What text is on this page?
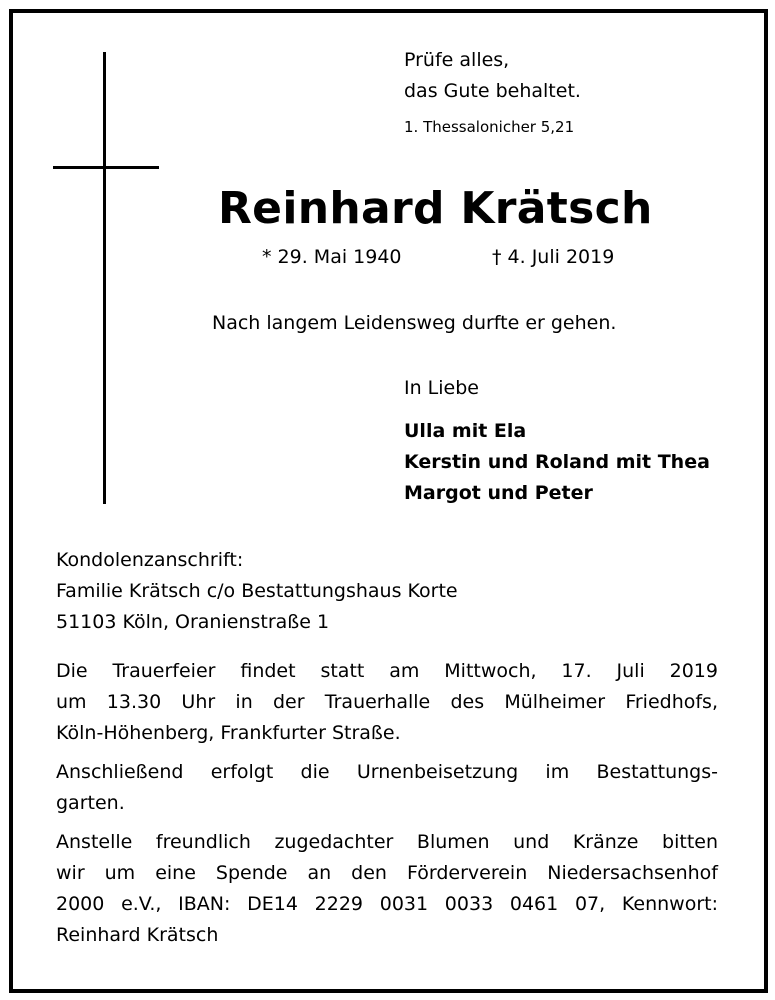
Prüfe alles,
das Gute behaltet.
1. Thessalonicher 5,21
Reinhard Krätsch
* 29. Mai 1940	† 4. Juli 2019
Nach langem Leidensweg durfte er gehen.
In Liebe
Ulla mit Ela
Kerstin und Roland mit Thea
Margot und Peter
Kondolenzanschrift:
Familie Krätsch c/o Bestattungshaus Korte
51103 Köln, Oranienstraße 1
Die Trauerfeier findet statt am Mittwoch, 17. Juli 2019
um 13.30 Uhr in der Trauerhalle des Mülheimer Friedhofs,
Köln-Höhenberg, Frankfurter Straße.
Anschließend erfolgt die Urnenbeisetzung im Bestattungs-
garten.
Anstelle freundlich zugedachter Blumen und Kränze bitten
wir um eine Spende an den Förderverein Niedersachsenhof
2000 e.V., IBAN: DE14 2229 0031 0033 0461 07, Kennwort:
Reinhard Krätsch
